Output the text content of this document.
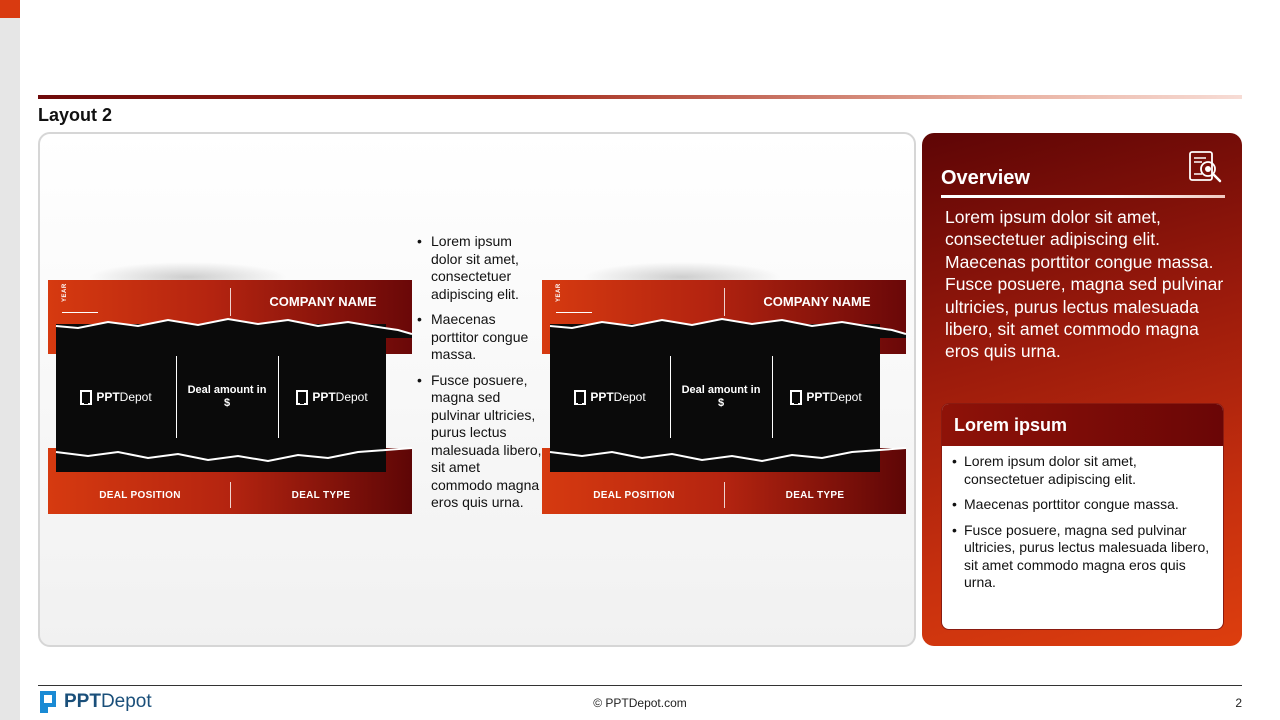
Layout 2
YEAR	COMPANY NAME
PPTDepot	Deal amount in $	PPTDepot
DEAL POSITION	DEAL TYPE
• Lorem ipsum dolor sit amet, consectetuer adipiscing elit.
• Maecenas porttitor congue massa.
• Fusce posuere, magna sed pulvinar ultricies, purus lectus malesuada libero, sit amet commodo magna eros quis urna.
YEAR	COMPANY NAME
PPTDepot	Deal amount in $	PPTDepot
DEAL POSITION	DEAL TYPE
Overview
Lorem ipsum dolor sit amet, consectetuer adipiscing elit. Maecenas porttitor congue massa. Fusce posuere, magna sed pulvinar ultricies, purus lectus malesuada libero, sit amet commodo magna eros quis urna.
Lorem ipsum
• Lorem ipsum dolor sit amet, consectetuer adipiscing elit.
• Maecenas porttitor congue massa.
• Fusce posuere, magna sed pulvinar ultricies, purus lectus malesuada libero, sit amet commodo magna eros quis urna.
PPTDepot	© PPTDepot.com	2
